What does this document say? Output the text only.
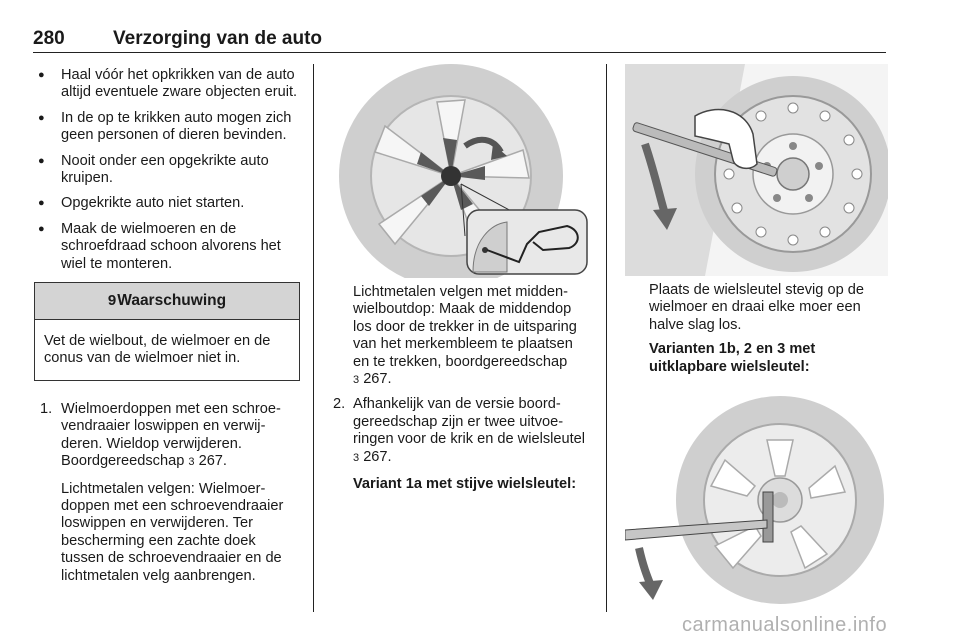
280	Verzorging van de auto
● Haal vóór het opkrikken van de auto altijd eventuele zware objecten eruit.
● In de op te krikken auto mogen zich geen personen of dieren bevinden.
● Nooit onder een opgekrikte auto kruipen.
● Opgekrikte auto niet starten.
● Maak de wielmoeren en de schroefdraad schoon alvorens het wiel te monteren.
9 Waarschuwing
Vet de wielbout, de wielmoer en de conus van de wielmoer niet in.
1. Wielmoerdoppen met een schroevendraaier loswippen en verwijderen. Wieldop verwijderen. Boordgereedschap 3 267.

Lichtmetalen velgen: Wielmoerdoppen met een schroevendraaier loswippen en verwijderen. Ter bescherming een zachte doek tussen de schroevendraaier en de lichtmetalen velg aanbrengen.

Lichtmetalen velgen met middenwielboutdop: Maak de middendop los door de trekker in de uitsparing van het merkembleem te plaatsen en te trekken, boordgereedschap
3 267.

2. Afhankelijk van de versie boordgereedschap zijn er twee uitvoeringen voor de krik en de wielsleutel 3 267.

Variant 1a met stijve wielsleutel:

Plaats de wielsleutel stevig op de wielmoer en draai elke moer een halve slag los.

Varianten 1b, 2 en 3 met uitklapbare wielsleutel:

carmanualsonline.info
